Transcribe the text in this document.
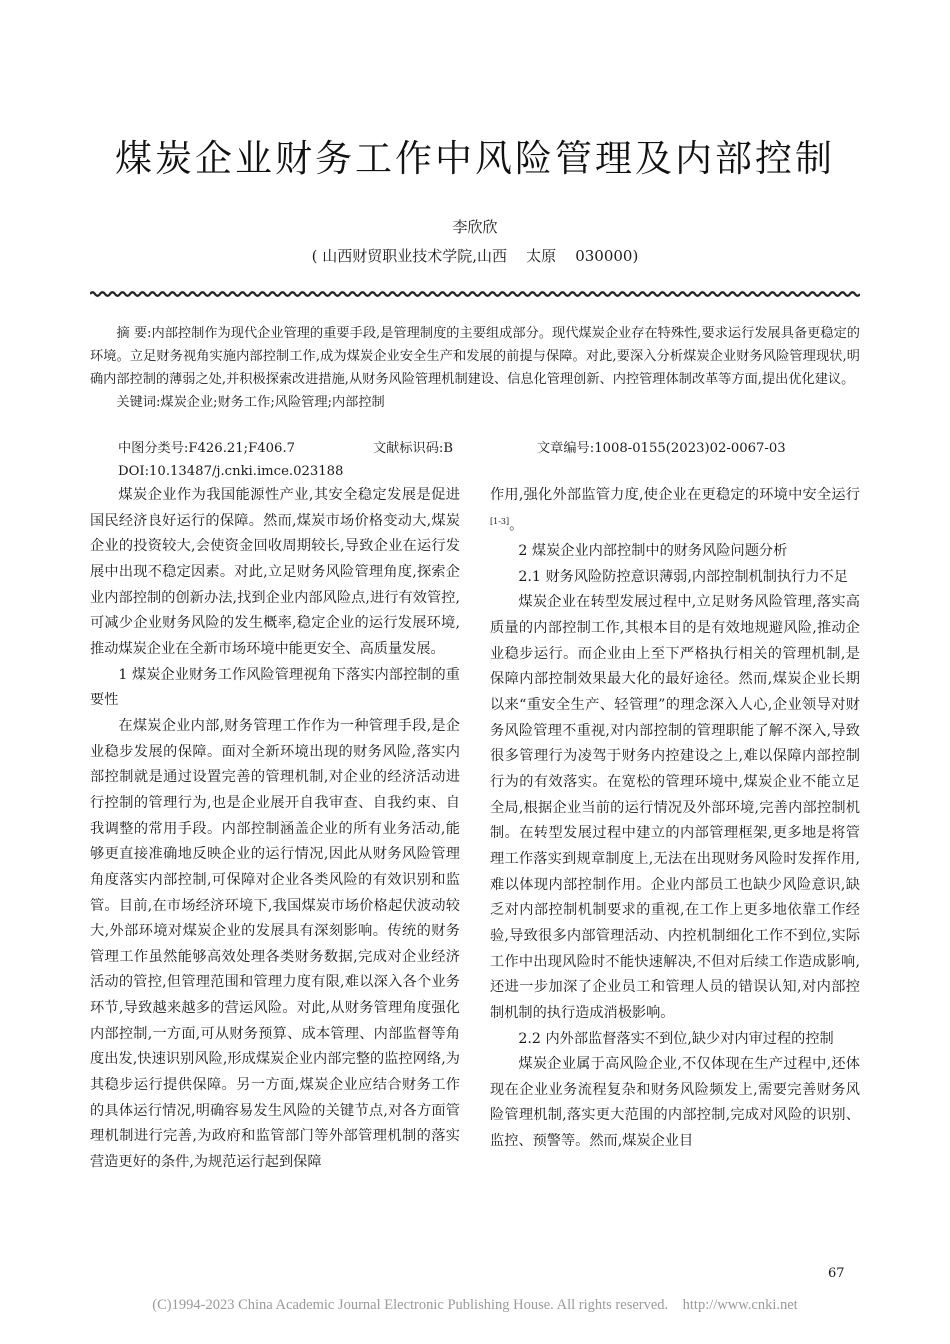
煤炭企业财务工作中风险管理及内部控制
李欣欣
( 山西财贸职业技术学院,山西    太原    030000)

摘 要:内部控制作为现代企业管理的重要手段,是管理制度的主要组成部分。现代煤炭企业存在特殊性,要求运行发展具备更稳定的环境。立足财务视角实施内部控制工作,成为煤炭企业安全生产和发展的前提与保障。对此,要深入分析煤炭企业财务风险管理现状,明确内部控制的薄弱之处,并积极探索改进措施,从财务风险管理机制建设、信息化管理创新、内控管理体制改革等方面,提出优化建议。

关键词:煤炭企业;财务工作;风险管理;内部控制

中图分类号:F426.21;F406.7	文献标识码:B	文章编号:1008-0155(2023)02-0067-03
DOI:10.13487/j.cnki.imce.023188

煤炭企业作为我国能源性产业,其安全稳定发展是促进国民经济良好运行的保障。然而,煤炭市场价格变动大,煤炭企业的投资较大,会使资金回收周期较长,导致企业在运行发展中出现不稳定因素。对此,立足财务风险管理角度,探索企业内部控制的创新办法,找到企业内部风险点,进行有效管控,可减少企业财务风险的发生概率,稳定企业的运行发展环境,推动煤炭企业在全新市场环境中能更安全、高质量发展。

1 煤炭企业财务工作风险管理视角下落实内部控制的重要性

在煤炭企业内部,财务管理工作作为一种管理手段,是企业稳步发展的保障。面对全新环境出现的财务风险,落实内部控制就是通过设置完善的管理机制,对企业的经济活动进行控制的管理行为,也是企业展开自我审查、自我约束、自我调整的常用手段。内部控制涵盖企业的所有业务活动,能够更直接准确地反映企业的运行情况,因此从财务风险管理角度落实内部控制,可保障对企业各类风险的有效识别和监管。目前,在市场经济环境下,我国煤炭市场价格起伏波动较大,外部环境对煤炭企业的发展具有深刻影响。传统的财务管理工作虽然能够高效处理各类财务数据,完成对企业经济活动的管控,但管理范围和管理力度有限,难以深入各个业务环节,导致越来越多的营运风险。对此,从财务管理角度强化内部控制,一方面,可从财务预算、成本管理、内部监督等角度出发,快速识别风险,形成煤炭企业内部完整的监控网络,为其稳步运行提供保障。另一方面,煤炭企业应结合财务工作的具体运行情况,明确容易发生风险的关键节点,对各方面管理机制进行完善,为政府和监管部门等外部管理机制的落实营造更好的条件,为规范运行起到保障

作用,强化外部监管力度,使企业在更稳定的环境中安全运行[1-3]。

2 煤炭企业内部控制中的财务风险问题分析

2.1 财务风险防控意识薄弱,内部控制机制执行力不足

煤炭企业在转型发展过程中,立足财务风险管理,落实高质量的内部控制工作,其根本目的是有效地规避风险,推动企业稳步运行。而企业由上至下严格执行相关的管理机制,是保障内部控制效果最大化的最好途径。然而,煤炭企业长期以来“重安全生产、轻管理”的理念深入人心,企业领导对财务风险管理不重视,对内部控制的管理职能了解不深入,导致很多管理行为凌驾于财务内控建设之上,难以保障内部控制行为的有效落实。在宽松的管理环境中,煤炭企业不能立足全局,根据企业当前的运行情况及外部环境,完善内部控制机制。在转型发展过程中建立的内部管理框架,更多地是将管理工作落实到规章制度上,无法在出现财务风险时发挥作用,难以体现内部控制作用。企业内部员工也缺少风险意识,缺乏对内部控制机制要求的重视,在工作上更多地依靠工作经验,导致很多内部管理活动、内控机制细化工作不到位,实际工作中出现风险时不能快速解决,不但对后续工作造成影响,还进一步加深了企业员工和管理人员的错误认知,对内部控制机制的执行造成消极影响。

2.2 内外部监督落实不到位,缺少对内审过程的控制

煤炭企业属于高风险企业,不仅体现在生产过程中,还体现在企业业务流程复杂和财务风险频发上,需要完善财务风险管理机制,落实更大范围的内部控制,完成对风险的识别、监控、预警等。然而,煤炭企业目

67
(C)1994-2023 China Academic Journal Electronic Publishing House. All rights reserved.    http://www.cnki.net
